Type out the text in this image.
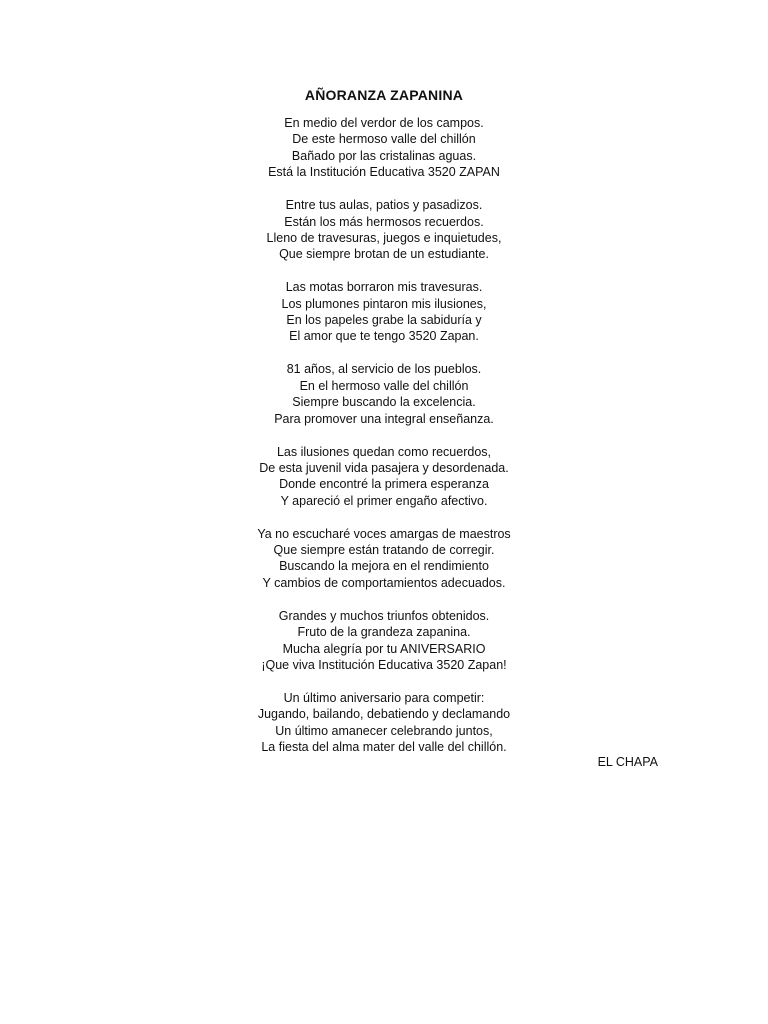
AÑORANZA ZAPANINA
En medio del verdor de los campos.
De este hermoso valle del chillón
Bañado por las cristalinas aguas.
Está la Institución Educativa 3520 ZAPAN
Entre tus aulas, patios y pasadizos.
Están los más hermosos recuerdos.
Lleno de travesuras, juegos e inquietudes,
Que siempre brotan de un estudiante.
Las motas borraron mis travesuras.
Los plumones pintaron mis ilusiones,
En los papeles grabe la sabiduría y
El amor que te tengo 3520 Zapan.
81 años, al servicio de los pueblos.
En el hermoso valle del chillón
Siempre buscando la excelencia.
Para promover una integral enseñanza.
Las ilusiones quedan como recuerdos,
De esta juvenil vida pasajera y desordenada.
Donde encontré la primera esperanza
Y apareció el primer engaño afectivo.
Ya no escucharé voces amargas de maestros
Que siempre están tratando de corregir.
Buscando la mejora en el rendimiento
Y cambios de comportamientos adecuados.
Grandes y muchos triunfos obtenidos.
Fruto de la grandeza zapanina.
Mucha alegría por tu ANIVERSARIO
¡Que viva Institución Educativa 3520 Zapan!
Un último aniversario para competir:
Jugando, bailando, debatiendo y declamando
Un último amanecer celebrando juntos,
La fiesta del alma mater del valle del chillón.
EL CHAPA
